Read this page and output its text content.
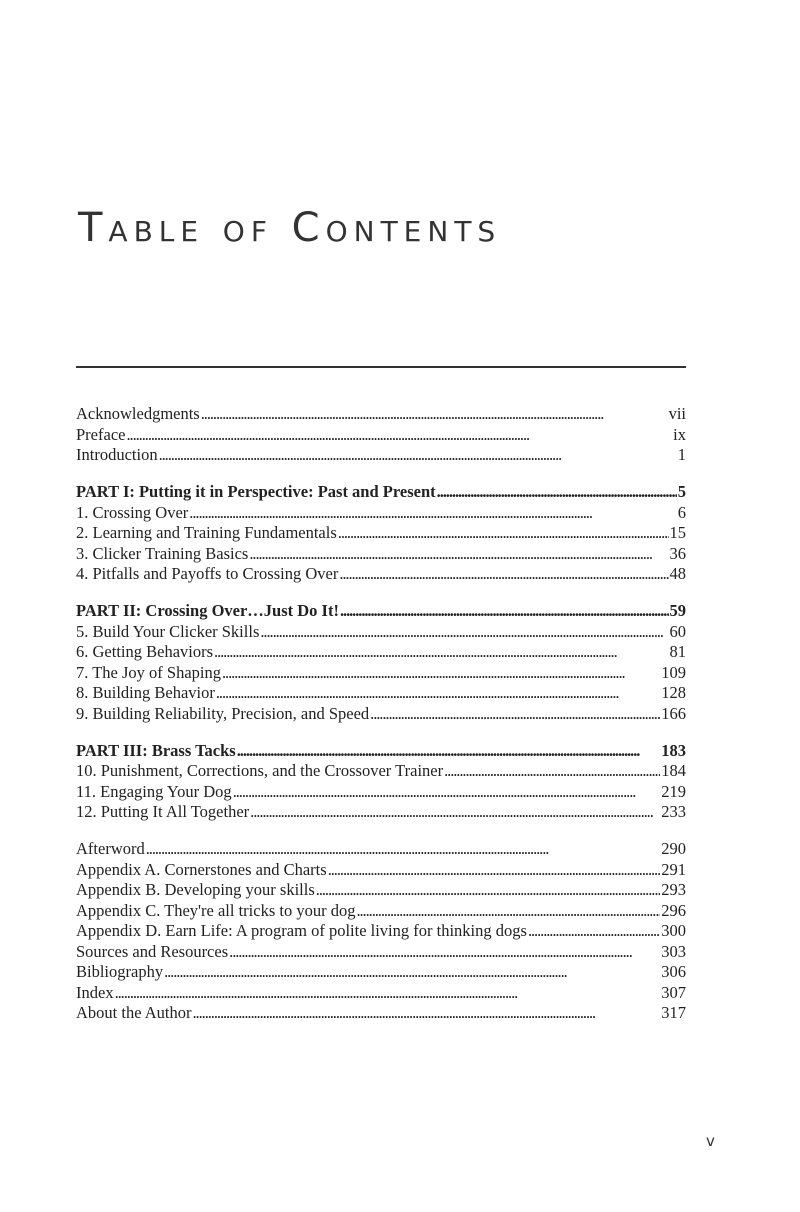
Table of Contents
Acknowledgments . . .	vii
Preface . . .	ix
Introduction . . .	1
PART I: Putting it in Perspective: Past and Present . . .	5
1. Crossing Over . . .	6
2. Learning and Training Fundamentals . . .	15
3. Clicker Training Basics . . .	36
4. Pitfalls and Payoffs to Crossing Over . . .	48
PART II: Crossing Over…Just Do It! . . .	59
5. Build Your Clicker Skills . . .	60
6. Getting Behaviors . . .	81
7. The Joy of Shaping . . .	109
8. Building Behavior . . .	128
9. Building Reliability, Precision, and Speed . . .	166
PART III: Brass Tacks . . .	183
10. Punishment, Corrections, and the Crossover Trainer . . .	184
11. Engaging Your Dog . . .	219
12. Putting It All Together . . .	233
Afterword . . .	290
Appendix A. Cornerstones and Charts . . .	291
Appendix B. Developing your skills . . .	293
Appendix C. They're all tricks to your dog . . .	296
Appendix D. Earn Life: A program of polite living for thinking dogs . . .	300
Sources and Resources . . .	303
Bibliography . . .	306
Index . . .	307
About the Author . . .	317
v
